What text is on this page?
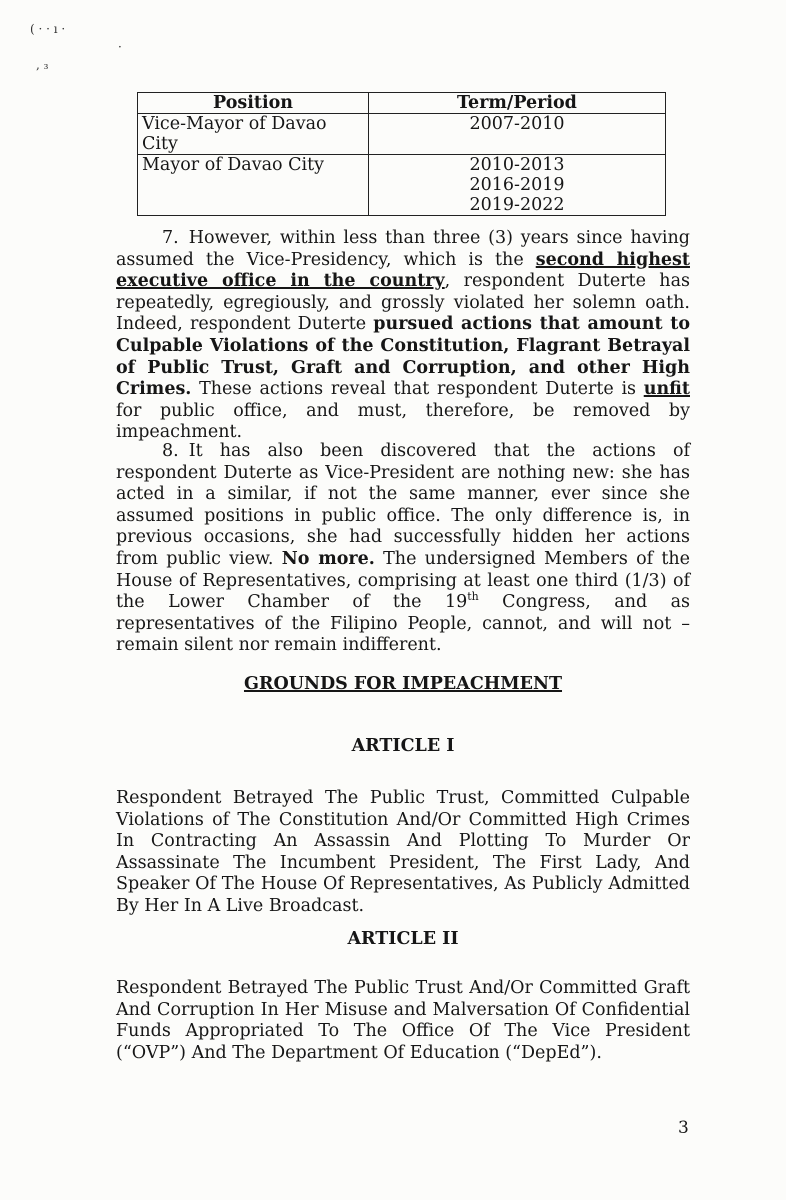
( · · ı ·
·
, ₃
Position	Term/Period
Vice-Mayor of Davao City	2007-2010

Mayor of Davao City	2010-2013
2016-2019
2019-2022
7. However, within less than three (3) years since having assumed the Vice-Presidency, which is the second highest executive office in the country, respondent Duterte has repeatedly, egregiously, and grossly violated her solemn oath. Indeed, respondent Duterte pursued actions that amount to Culpable Violations of the Constitution, Flagrant Betrayal of Public Trust, Graft and Corruption, and other High Crimes. These actions reveal that respondent Duterte is unfit for public office, and must, therefore, be removed by impeachment.
8. It has also been discovered that the actions of respondent Duterte as Vice-President are nothing new: she has acted in a similar, if not the same manner, ever since she assumed positions in public office. The only difference is, in previous occasions, she had successfully hidden her actions from public view. No more. The undersigned Members of the House of Representatives, comprising at least one third (1/3) of the Lower Chamber of the 19th Congress, and as representatives of the Filipino People, cannot, and will not – remain silent nor remain indifferent.
GROUNDS FOR IMPEACHMENT
ARTICLE I
Respondent Betrayed The Public Trust, Committed Culpable Violations of The Constitution And/Or Committed High Crimes In Contracting An Assassin And Plotting To Murder Or Assassinate The Incumbent President, The First Lady, And Speaker Of The House Of Representatives, As Publicly Admitted By Her In A Live Broadcast.
ARTICLE II
Respondent Betrayed The Public Trust And/Or Committed Graft And Corruption In Her Misuse and Malversation Of Confidential Funds Appropriated To The Office Of The Vice President (“OVP”) And The Department Of Education (“DepEd”).
3
